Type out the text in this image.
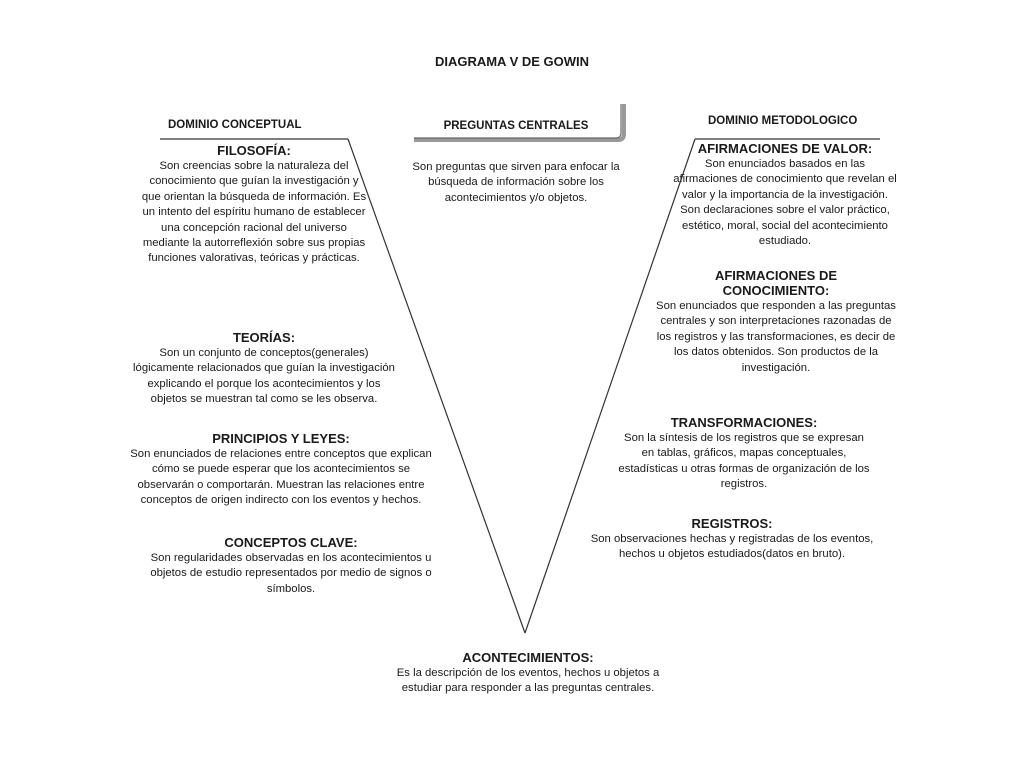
DIAGRAMA V DE GOWIN
DOMINIO CONCEPTUAL	DOMINIO METODOLOGICO
PREGUNTAS CENTRALES

Son preguntas que sirven para enfocar la búsqueda de información sobre los acontecimientos y/o objetos.

FILOSOFÍA:

Son creencias sobre la naturaleza del conocimiento que guían la investigación y que orientan la búsqueda de información. Es un intento del espíritu humano de establecer una concepción racional del universo mediante la autorreflexión sobre sus propias funciones valorativas, teóricas y prácticas.

TEORÍAS:

Son un conjunto de conceptos(generales) lógicamente relacionados que guían la investigación explicando el porque los acontecimientos y los objetos se muestran tal como se les observa.

PRINCIPIOS Y LEYES:

Son enunciados de relaciones entre conceptos que explican cómo se puede esperar que los acontecimientos se observarán o comportarán. Muestran las relaciones entre conceptos de origen indirecto con los eventos y hechos.

CONCEPTOS CLAVE:

Son regularidades observadas en los acontecimientos u objetos de estudio representados por medio de signos o símbolos.

AFIRMACIONES DE VALOR:

Son enunciados basados en las afirmaciones de conocimiento que revelan el valor y la importancia de la investigación. Son declaraciones sobre el valor práctico, estético, moral, social del acontecimiento estudiado.

AFIRMACIONES DE CONOCIMIENTO:

Son enunciados que responden a las preguntas centrales y son interpretaciones razonadas de los registros y las transformaciones, es decir de los datos obtenidos. Son productos de la investigación.

TRANSFORMACIONES:

Son la síntesis de los registros que se expresan en tablas, gráficos, mapas conceptuales, estadísticas u otras formas de organización de los registros.

REGISTROS:

Son observaciones hechas y registradas de los eventos, hechos u objetos estudiados(datos en bruto).

ACONTECIMIENTOS:

Es la descripción de los eventos, hechos u objetos a estudiar para responder a las preguntas centrales.
